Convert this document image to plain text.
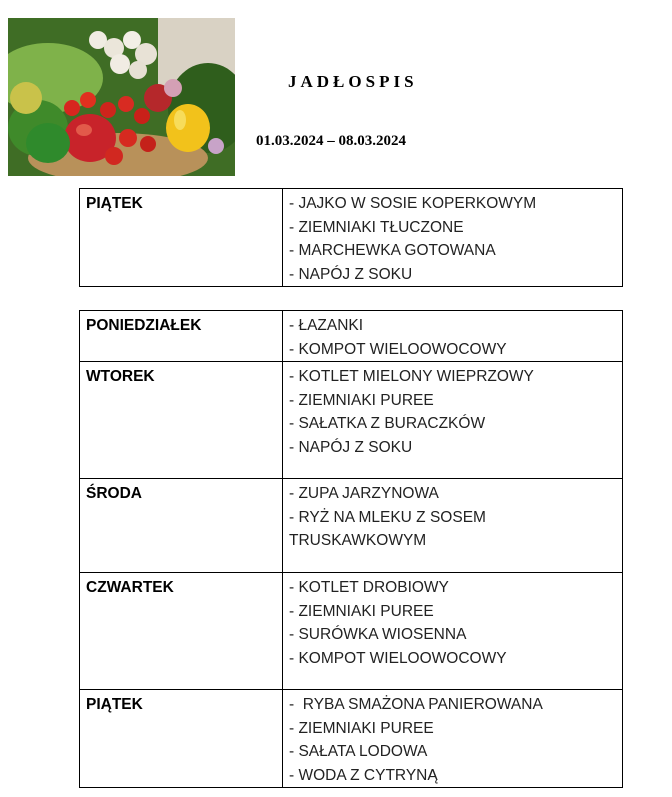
JADŁOSPIS
01.03.2024 – 08.03.2024
PIĄTEK	- JAJKO W SOSIE KOPERKOWYM
- ZIEMNIAKI TŁUCZONE
- MARCHEWKA GOTOWANA
- NAPÓJ Z SOKU
PONIEDZIAŁEK	- ŁAZANKI
- KOMPOT WIELOOWOCOWY

WTOREK	- KOTLET MIELONY WIEPRZOWY
- ZIEMNIAKI PUREE
- SAŁATKA Z BURACZKÓW
- NAPÓJ Z SOKU

ŚRODA	- ZUPA JARZYNOWA
- RYŻ NA MLEKU Z SOSEM
TRUSKAWKOWYM

CZWARTEK	- KOTLET DROBIOWY
- ZIEMNIAKI PUREE
- SURÓWKA WIOSENNA
- KOMPOT WIELOOWOCOWY

PIĄTEK	-  RYBA SMAŻONA PANIEROWANA
- ZIEMNIAKI PUREE
- SAŁATA LODOWA
- WODA Z CYTRYNĄ
